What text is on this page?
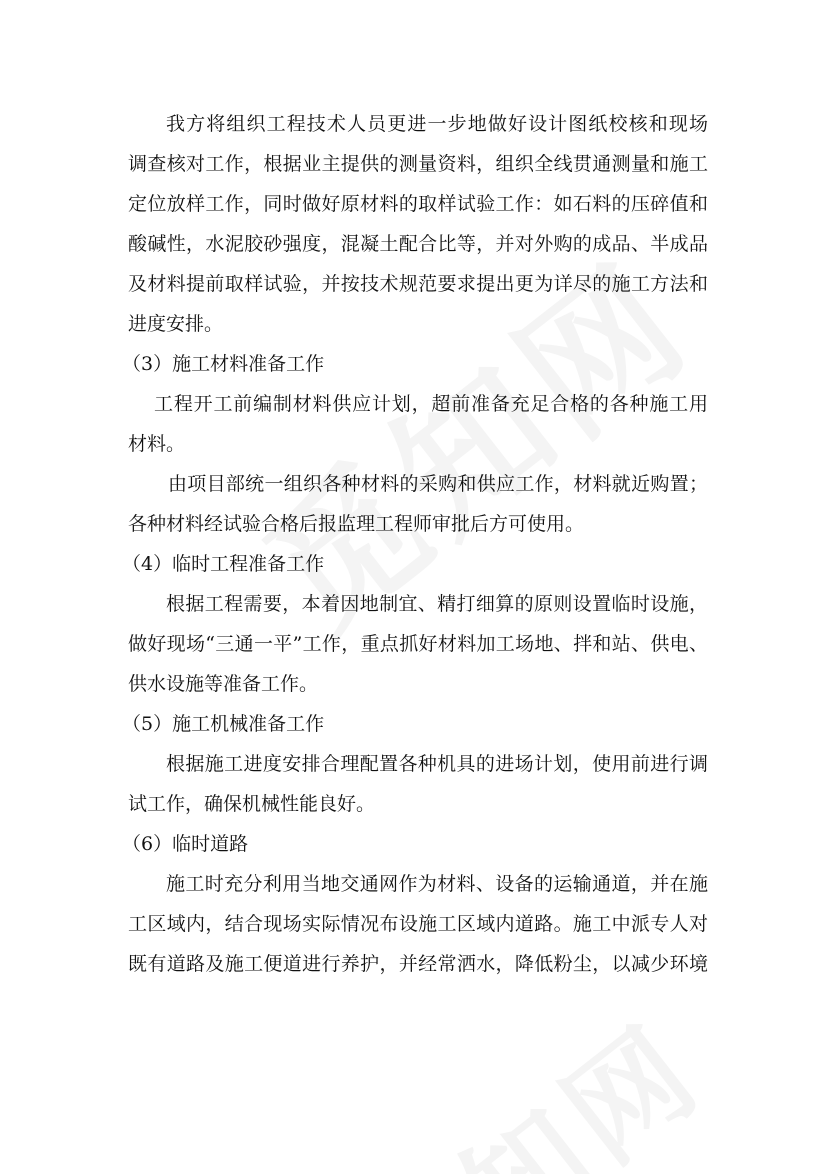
我方将组织工程技术人员更进一步地做好设计图纸校核和现场
调查核对工作，根据业主提供的测量资料，组织全线贯通测量和施工
定位放样工作，同时做好原材料的取样试验工作：如石料的压碎值和
酸碱性，水泥胶砂强度，混凝土配合比等，并对外购的成品、半成品
及材料提前取样试验，并按技术规范要求提出更为详尽的施工方法和
进度安排。
（3）施工材料准备工作
工程开工前编制材料供应计划，超前准备充足合格的各种施工用
材料。
由项目部统一组织各种材料的采购和供应工作，材料就近购置；
各种材料经试验合格后报监理工程师审批后方可使用。
（4）临时工程准备工作
根据工程需要，本着因地制宜、精打细算的原则设置临时设施，
做好现场“三通一平”工作，重点抓好材料加工场地、拌和站、供电、
供水设施等准备工作。
（5）施工机械准备工作
根据施工进度安排合理配置各种机具的进场计划，使用前进行调
试工作，确保机械性能良好。
（6）临时道路
施工时充分利用当地交通网作为材料、设备的运输通道，并在施
工区域内，结合现场实际情况布设施工区域内道路。施工中派专人对
既有道路及施工便道进行养护，并经常洒水，降低粉尘，以减少环境
